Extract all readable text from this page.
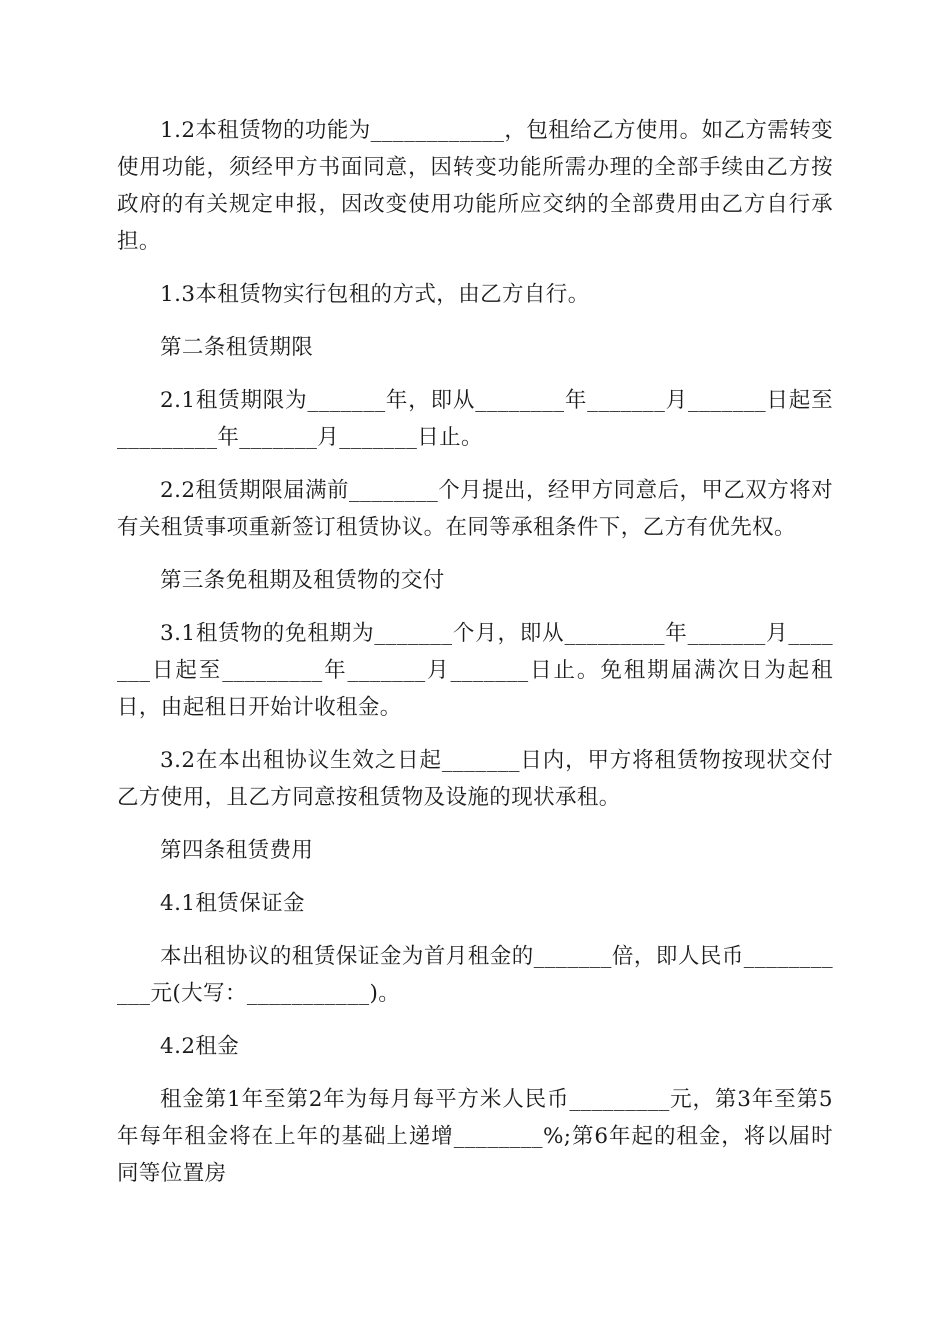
1.2本租赁物的功能为____________，包租给乙方使用。如乙方需转变使用功能，须经甲方书面同意，因转变功能所需办理的全部手续由乙方按政府的有关规定申报，因改变使用功能所应交纳的全部费用由乙方自行承担。

1.3本租赁物实行包租的方式，由乙方自行。

第二条租赁期限

2.1租赁期限为_______年，即从________年_______月_______日起至_________年_______月_______日止。

2.2租赁期限届满前________个月提出，经甲方同意后，甲乙双方将对有关租赁事项重新签订租赁协议。在同等承租条件下，乙方有优先权。

第三条免租期及租赁物的交付

3.1租赁物的免租期为_______个月，即从_________年_______月_______日起至_________年_______月_______日止。免租期届满次日为起租日，由起租日开始计收租金。

3.2在本出租协议生效之日起_______日内，甲方将租赁物按现状交付乙方使用，且乙方同意按租赁物及设施的现状承租。

第四条租赁费用

4.1租赁保证金

本出租协议的租赁保证金为首月租金的_______倍，即人民币___________元(大写：___________)。

4.2租金

租金第1年至第2年为每月每平方米人民币_________元，第3年至第5年每年租金将在上年的基础上递增________%;第6年起的租金，将以届时同等位置房
